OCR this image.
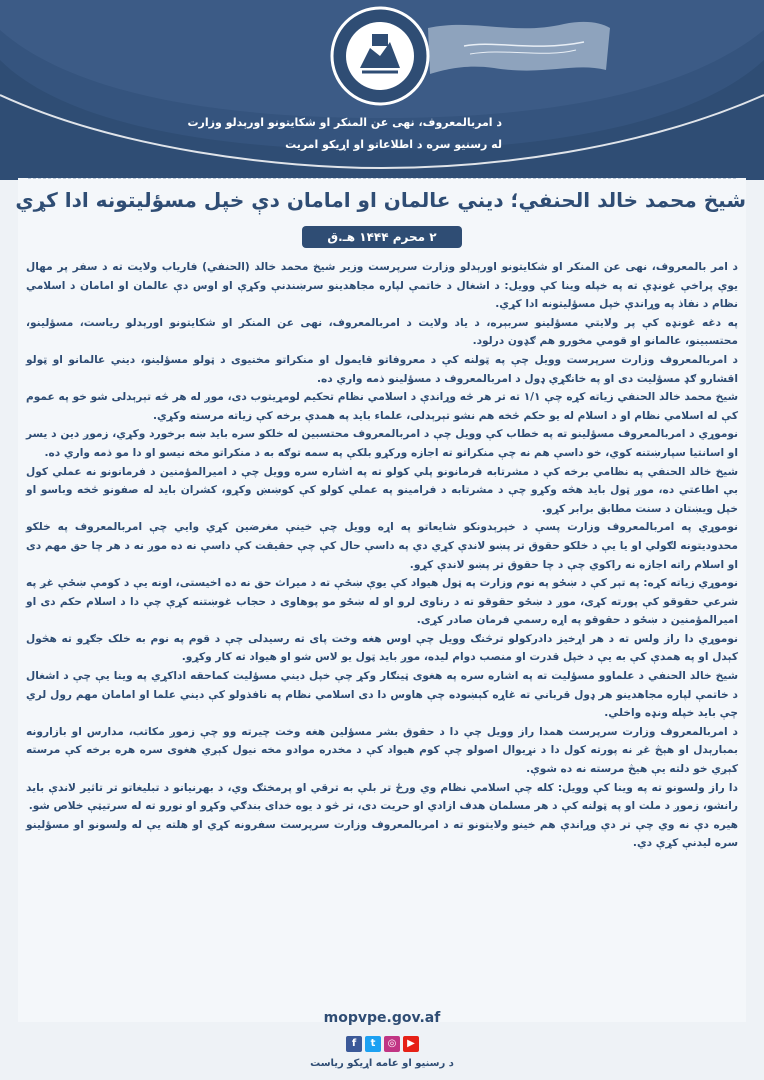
د امربالمعروف، نهی عن المنکر او شکایتونو اورېدلو وزارت
له رسنیو سره د اطلاعاتو او اړیکو امریت
شیخ محمد خالد الحنفي؛ دیني عالمان او امامان دې خپل مسؤلیتونه ادا کړي
۲ محرم ۱۴۴۴ هـ.ق

د امر بالمعروف، نهی عن المنکر او شکایتونو اورېدلو وزارت سرپرست وزیر شیخ محمد خالد (الحنفي) فاریاب ولایت ته د سفر پر مهال یوې پراخې غونډې ته په خپله وینا کې وویل: د اشغال د خاتمې لپاره مجاهدینو سرښندنې وکړې او اوس دې عالمان او امامان د اسلامي نظام د نفاذ په وړاندې خپل مسؤلیتونه ادا کړي.

په دغه غونډه کې پر ولایتي مسؤلینو سربېره، د یاد ولایت د امربالمعروف، نهی عن المنکر او شکایتونو اورېدلو ریاست، مسؤلینو، محتسبینو، عالمانو او قومي مخورو هم ګډون درلود.

د امربالمعروف وزارت سرپرست وویل چې په ټولنه کې د معروفاتو قایمول او منکراتو مخنیوی د ټولو مسؤلینو، دیني عالمانو او ټولو اقشارو ګډ مسؤلیت دی او په خانګړي ډول د امربالمعروف د مسؤلینو ذمه واري ده.

شیخ محمد خالد الحنفي زیاته کړه چې ۱/۱ ته تر هر څه وړاندې د اسلامي نظام تحکیم لومړیتوب دی، موږ له هر څه تېرېدلی شو خو په عموم کې له اسلامي نظام او د اسلام له یو حکم څخه هم نشو تېرېدلی، علماء باید په همدې برخه کې زیاته مرسته وکړي.

نوموړي د امربالمعروف مسؤلینو ته په خطاب کې وویل چې د امربالمعروف محتسبین له خلکو سره باید ښه برخورد وکړي، زموږ دین د یسر او اسانتیا سپارښتنه کوي، خو داسې هم نه چې منکراتو ته اجازه ورکړو بلکې په سمه توګه به د منکراتو مخه نیسو او دا مو ذمه واري ده.

شیخ خالد الحنفي په نظامي برخه کې د مشرتابه فرمانونو پلي کولو ته په اشاره سره وویل چې د امیرالمؤمنین د فرمانونو نه عملي کول بې اطاعتي ده، موږ ټول باید هڅه وکړو چې د مشرتابه د فرامینو په عملي کولو کې کوښښ وکړو، کشران باید له صفونو څخه وباسو او خپل ویښتان د سنت مطابق برابر کړو.

نوموړي په امربالمعروف وزارت پسې د خپرېدونکو شایعاتو په اړه وویل چې خینې مغرضین کړي وایي چې امربالمعروف په خلکو محدودیتونه لګولي او یا یې د خلکو حقوق تر پښو لاندې کړي دي په داسې حال کې چې حقیقت کې داسې نه ده موږ نه د هر چا حق مهم دی او اسلام راته اجازه نه راکوي چې د چا حقوق تر پښو لاندې کړو.

نوموړي زیاته کړه: په تېر کې د ښځو په نوم وزارت په ټول هیواد کې یوې ښځې ته د میراث حق نه ده اخیستی، اونه یې د کومې ښځې غږ په شرعي حقوقو کې پورته کړی، موږ د ښځو حقوقو ته د رناوی لرو او له ښځو مو پوهاوی د حجاب غوښتنه کړې چې دا د اسلام حکم دی او امیرالمؤمنین د ښځو د حقوقو په اړه رسمي فرمان صادر کړی.

نوموړي دا راز ولس ته د هر اړخیز دادرکولو ترڅنګ وویل چې اوس هغه وخت پای ته رسیدلی چې د قوم په نوم به خلک جګړو ته هڅول کېدل او په همدې کې به یې د خپل قدرت او منصب دوام لیده، موږ باید ټول یو لاس شو او هیواد ته کار وکړو.

شیخ خالد الحنفي د علماوو مسؤلیت ته په اشاره سره په هغوی ټینګار وکړ چې خپل دیني مسؤلیت کماحقه اداکړي په وینا یې چې د اشغال د خاتمې لپاره مجاهدینو هر ډول قرباني ته غاړه کېښوده چې هاوس دا دی اسلامي نظام په نافذولو کې دیني علما او امامان مهم رول لري چې باید خپله ونډه واخلي.

د امربالمعروف وزارت سرپرست همدا راز وویل چې دا د حقوق بشر مسؤلین هغه وخت چیرته وو چې زموږ مکاتب، مدارس او بازارونه بمبارېدل او هېڅ غږ نه پورته کول دا د نړیوال اصولو چې کوم هیواد کې د مخدره موادو مخه نیول کېږي هغوی سره هره برخه کې مرسته کېږي خو دلته یې هیڅ مرسته نه ده شوې.

دا راز ولسونو ته په وینا کې وویل: کله چې اسلامي نظام وي ورځ تر بلې به ترقي او پرمختګ وي، د بهرنیانو د تبلیغاتو تر تاثیر لاندې باید رانشو، زموږ د ملت او په ټولنه کې د هر مسلمان هدف ازادي او حریت دی، تر څو د یوه خدای بندګي وکړو او نورو ته له سرتیټې خلاص شو.

هیره دې نه وي چې تر دې وړاندې هم خینو ولایتونو ته د امربالمعروف وزارت سرپرست سفرونه کړي او هلته یې له ولسونو او مسؤلینو سره لیدنې کړې دي.

mopvpe.gov.af
f	t	◎	▶
د رسنیو او عامه اړیکو ریاست
